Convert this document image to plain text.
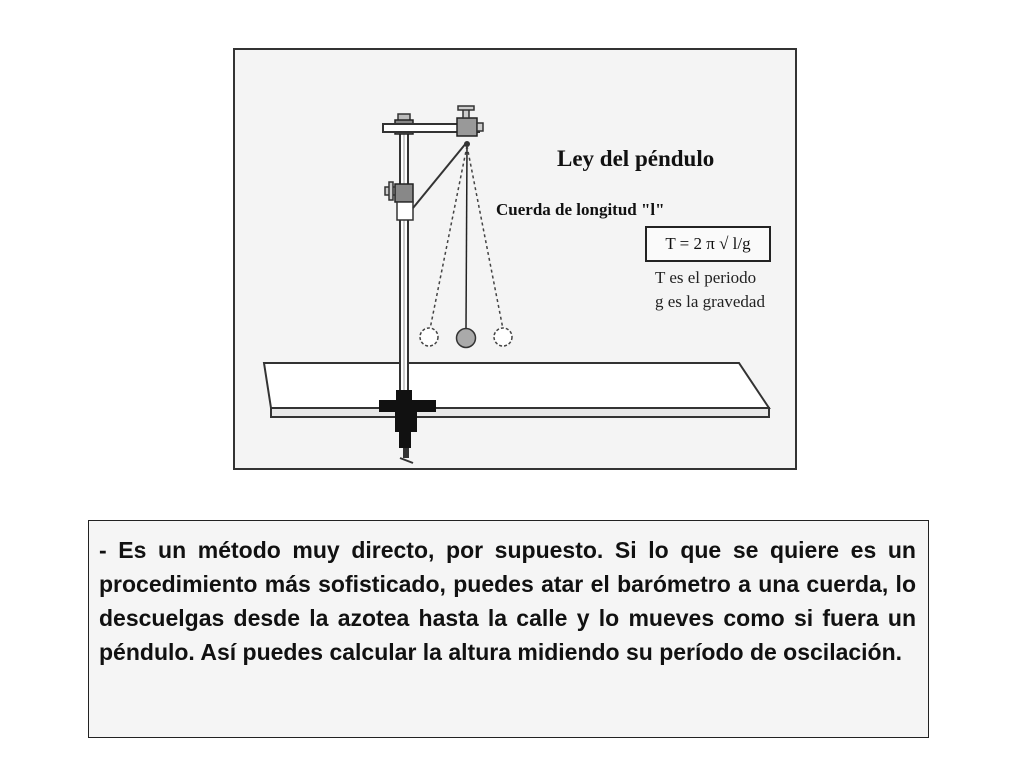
Ley del péndulo
Cuerda de longitud "l"
T = 2 π √ l/g
T es el periodo
g es la gravedad

- Es un método muy directo, por supuesto. Si lo que se quiere es un procedimiento más sofisticado, puedes atar el barómetro a una cuerda, lo descuelgas desde la azotea hasta la calle y lo mueves como si fuera un péndulo. Así puedes calcular la altura midiendo su período de oscilación.
